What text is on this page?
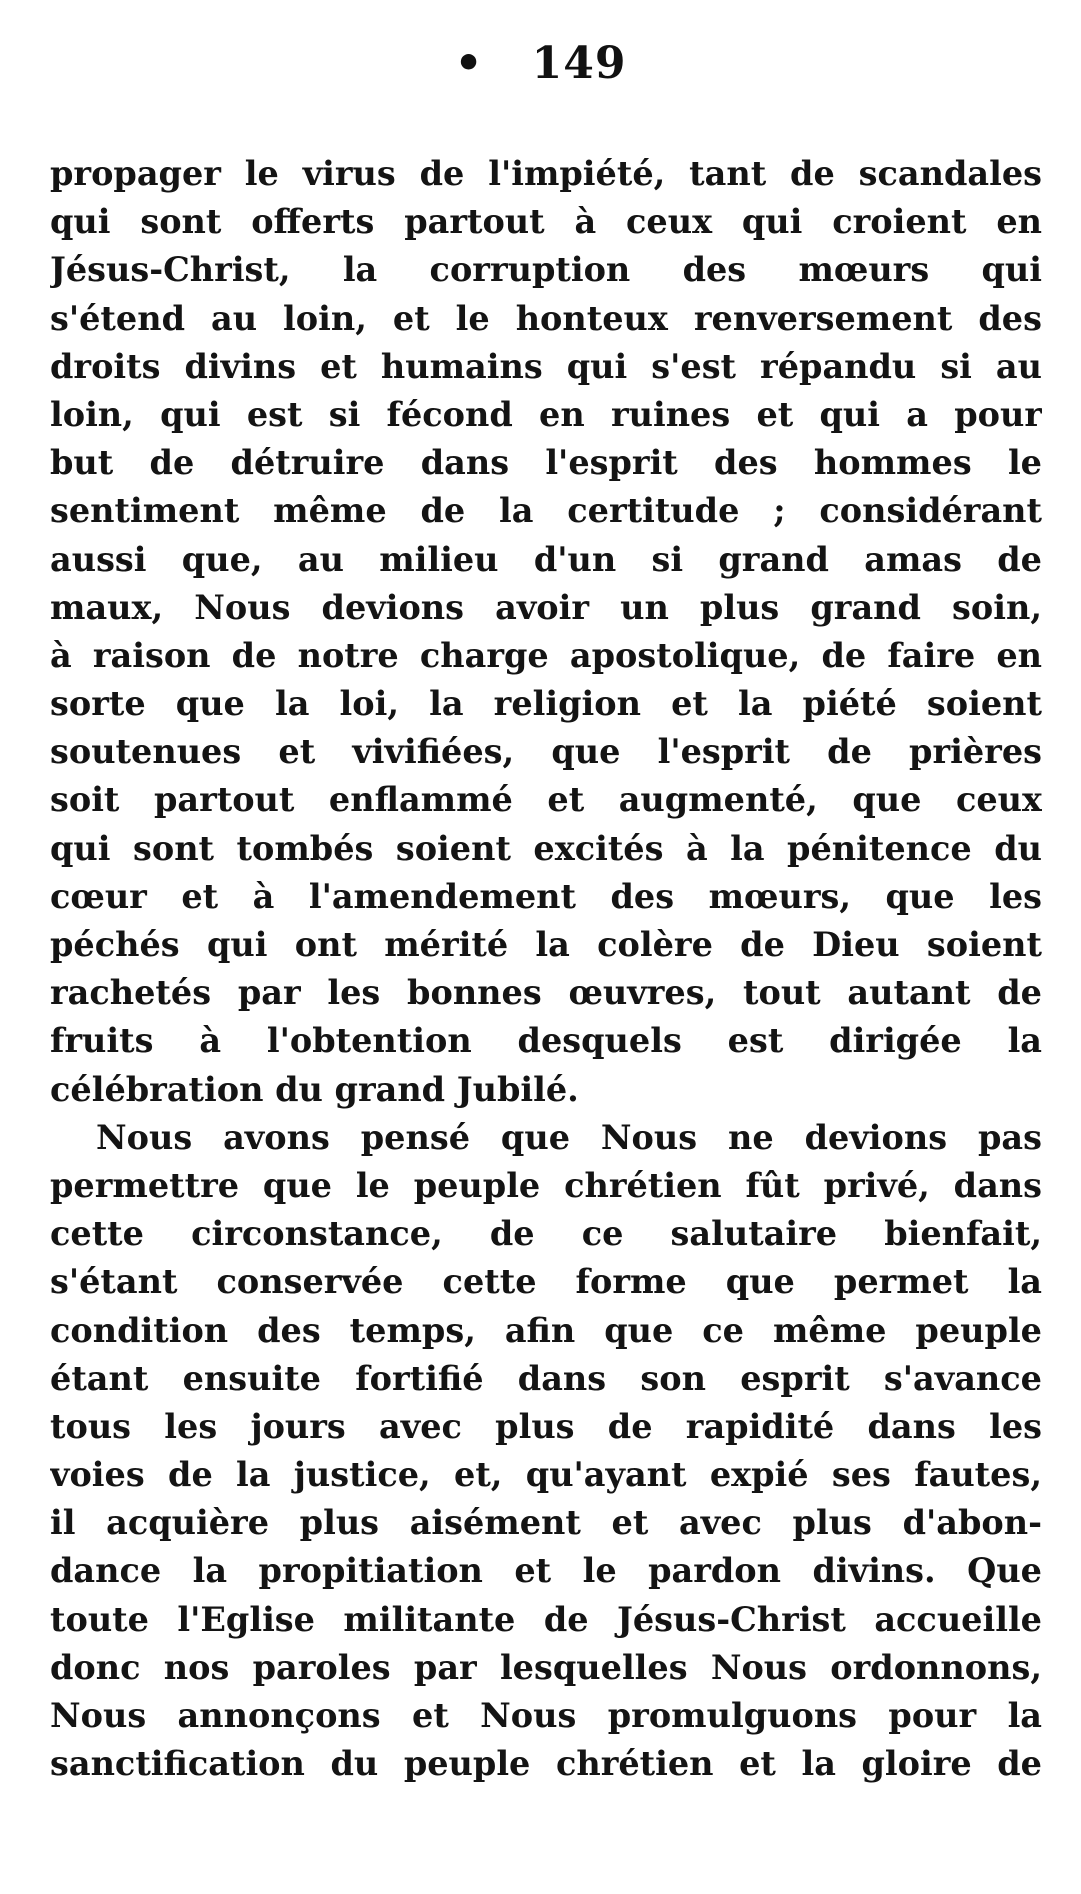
• 149
propager le virus de l'impiété, tant de scandales
qui sont offerts partout à ceux qui croient en
Jésus-Christ, la corruption des mœurs qui
s'étend au loin, et le honteux renversement des
droits divins et humains qui s'est répandu si au
loin, qui est si fécond en ruines et qui a pour
but de détruire dans l'esprit des hommes le
sentiment même de la certitude ; considérant
aussi que, au milieu d'un si grand amas de
maux, Nous devions avoir un plus grand soin,
à raison de notre charge apostolique, de faire en
sorte que la loi, la religion et la piété soient
soutenues et vivifiées, que l'esprit de prières
soit partout enflammé et augmenté, que ceux
qui sont tombés soient excités à la pénitence du
cœur et à l'amendement des mœurs, que les
péchés qui ont mérité la colère de Dieu soient
rachetés par les bonnes œuvres, tout autant de
fruits à l'obtention desquels est dirigée la
célébration du grand Jubilé.
Nous avons pensé que Nous ne devions pas
permettre que le peuple chrétien fût privé, dans
cette circonstance, de ce salutaire bienfait,
s'étant conservée cette forme que permet la
condition des temps, afin que ce même peuple
étant ensuite fortifié dans son esprit s'avance
tous les jours avec plus de rapidité dans les
voies de la justice, et, qu'ayant expié ses fautes,
il acquière plus aisément et avec plus d'abon-
dance la propitiation et le pardon divins. Que
toute l'Eglise militante de Jésus-Christ accueille
donc nos paroles par lesquelles Nous ordonnons,
Nous annonçons et Nous promulguons pour la
sanctification du peuple chrétien et la gloire de
